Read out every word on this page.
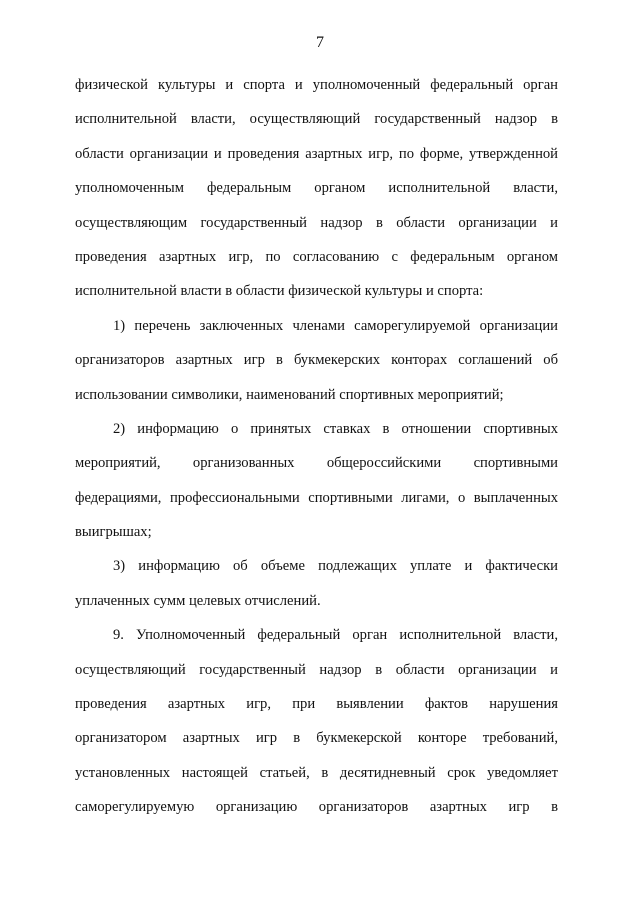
7
физической культуры и спорта и уполномоченный федеральный орган
исполнительной власти, осуществляющий государственный надзор в
области организации и проведения азартных игр, по форме, утвержденной
уполномоченным федеральным органом исполнительной власти,
осуществляющим государственный надзор в области организации и
проведения азартных игр, по согласованию с федеральным органом
исполнительной власти в области физической культуры и спорта:
1) перечень заключенных членами саморегулируемой организации
организаторов азартных игр в букмекерских конторах соглашений об
использовании символики, наименований спортивных мероприятий;
2) информацию о принятых ставках в отношении спортивных
мероприятий, организованных общероссийскими спортивными
федерациями, профессиональными спортивными лигами, о выплаченных
выигрышах;
3) информацию об объеме подлежащих уплате и фактически
уплаченных сумм целевых отчислений.
9. Уполномоченный федеральный орган исполнительной власти,
осуществляющий государственный надзор в области организации и
проведения азартных игр, при выявлении фактов нарушения
организатором азартных игр в букмекерской конторе требований,
установленных настоящей статьей, в десятидневный срок уведомляет
саморегулируемую организацию организаторов азартных игр в
